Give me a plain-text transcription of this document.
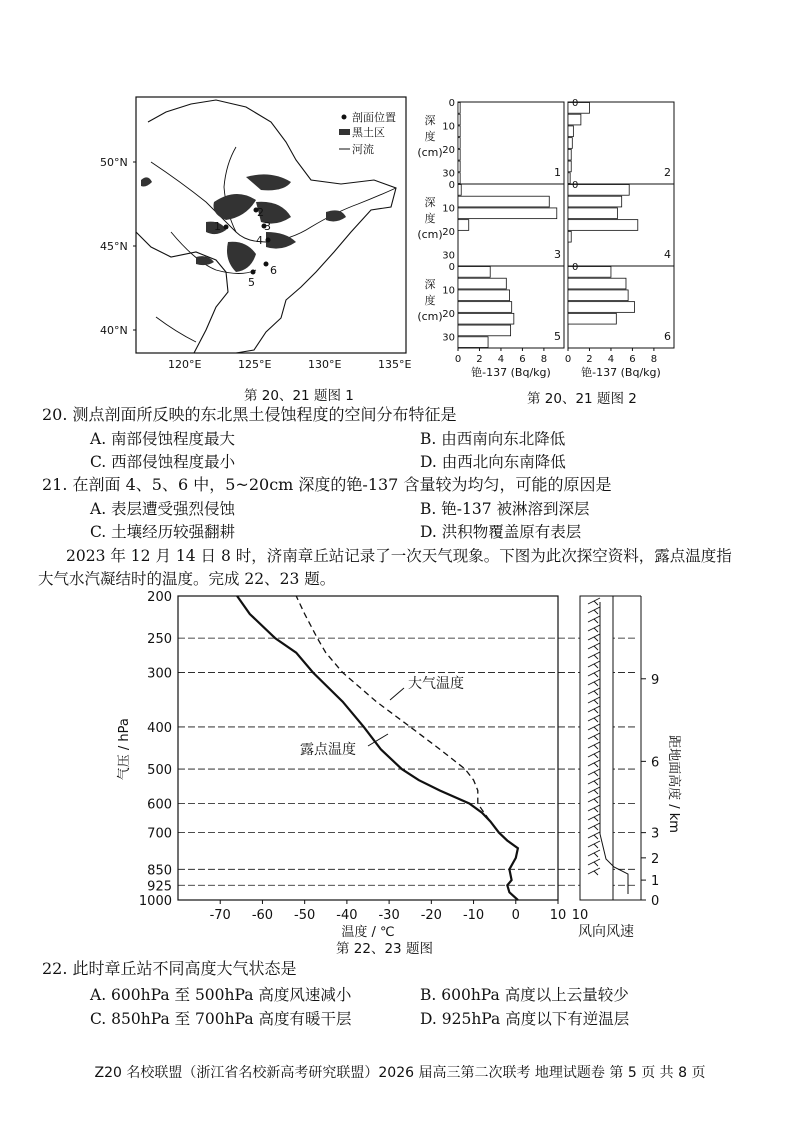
1
2
3
4
5
6
剖面位置
黑土区
河流
50°N
45°N
40°N
120°E	125°E	130°E	135°E
第 20、21 题图 1
1
0
10
20
30
深
度
(cm)
2
0
3
0
10
20
30
深
度
(cm)
4
0
5
0
10
20
30
深
度
(cm)
6
0
0 2 4 6 8
铯-137 (Bq/kg)
0 2 4 6 8
铯-137 (Bq/kg)
第 20、21 题图 2
20. 测点剖面所反映的东北黑土侵蚀程度的空间分布特征是
A. 南部侵蚀程度最大	B. 由西南向东北降低
C. 西部侵蚀程度最小	D. 由西北向东南降低
21. 在剖面 4、5、6 中，5~20cm 深度的铯-137 含量较为均匀，可能的原因是
A. 表层遭受强烈侵蚀	B. 铯-137 被淋溶到深层
C. 土壤经历较强翻耕	D. 洪积物覆盖原有表层
2023 年 12 月 14 日 8 时，济南章丘站记录了一次天气现象。下图为此次探空资料，露点温度指
大气水汽凝结时的温度。完成 22、23 题。
200
250
300
400
500
600
700
850
925
1000
-70 -60 -50 -40 -30 -20 -10 0 10
温度 / ℃
气压 / hPa
大气温度
露点温度
10
风向风速
0
1
2
3
6
9
距地面高度 / km
第 22、23 题图
22. 此时章丘站不同高度大气状态是
A. 600hPa 至 500hPa 高度风速减小	B. 600hPa 高度以上云量较少
C. 850hPa 至 700hPa 高度有暖干层	D. 925hPa 高度以下有逆温层
Z20 名校联盟（浙江省名校新高考研究联盟）2026 届高三第二次联考 地理试题卷 第 5 页 共 8 页
